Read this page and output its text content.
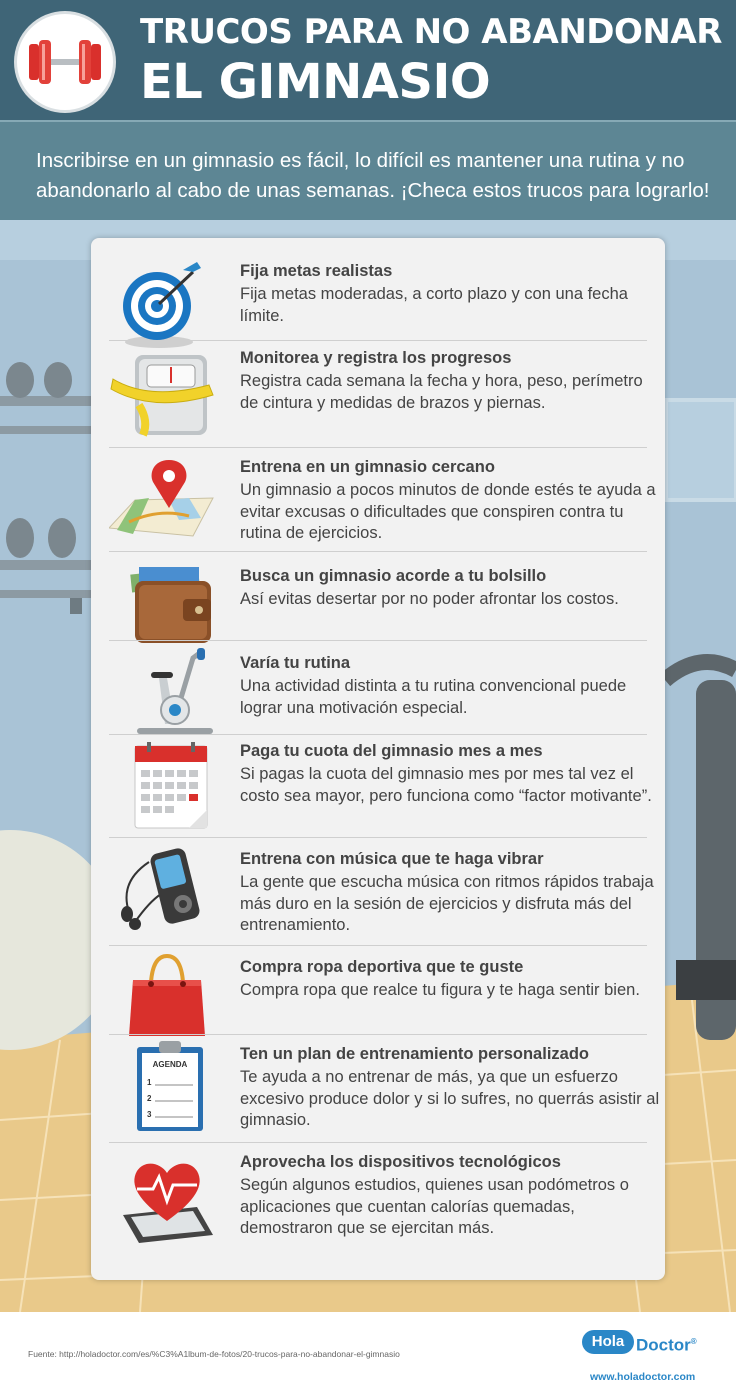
TRUCOS PARA NO ABANDONAR
EL GIMNASIO

Inscribirse en un gimnasio es fácil, lo difícil es mantener una rutina y no abandonarlo al cabo de unas semanas. ¡Checa estos trucos para lograrlo!

Fija metas realistas

Fija metas moderadas, a corto plazo y con una fecha límite.

Monitorea y registra los progresos

Registra cada semana la fecha y hora, peso, perímetro de cintura y medidas de brazos y piernas.

Entrena en un gimnasio cercano

Un gimnasio a pocos minutos de donde estés te ayuda a evitar excusas o dificultades que conspiren contra tu rutina de ejercicios.

Busca un gimnasio acorde a tu bolsillo

Así evitas desertar por no poder afrontar los costos.

Varía tu rutina

Una actividad distinta a tu rutina convencional puede lograr una motivación especial.

Paga tu cuota del gimnasio mes a mes

Si pagas la cuota del gimnasio mes por mes tal vez el costo sea mayor, pero funciona como “factor motivante”.

Entrena con música que te haga vibrar

La gente que escucha música con ritmos rápidos trabaja más duro en la sesión de ejercicios y disfruta más del entrenamiento.

Compra ropa deportiva que te guste

Compra ropa que realce tu figura y te haga sentir bien.

AGENDA
1
2
3
Ten un plan de entrenamiento personalizado

Te ayuda a no entrenar de más, ya que un esfuerzo excesivo produce dolor y si lo sufres, no querrás asistir al gimnasio.

Aprovecha los dispositivos tecnológicos

Según algunos estudios, quienes usan podómetros o aplicaciones que cuentan calorías quemadas, demostraron que se ejercitan más.

Fuente: http://holadoctor.com/es/%C3%A1lbum-de-fotos/20-trucos-para-no-abandonar-el-gimnasio
Hola Doctor®
www.holadoctor.com
